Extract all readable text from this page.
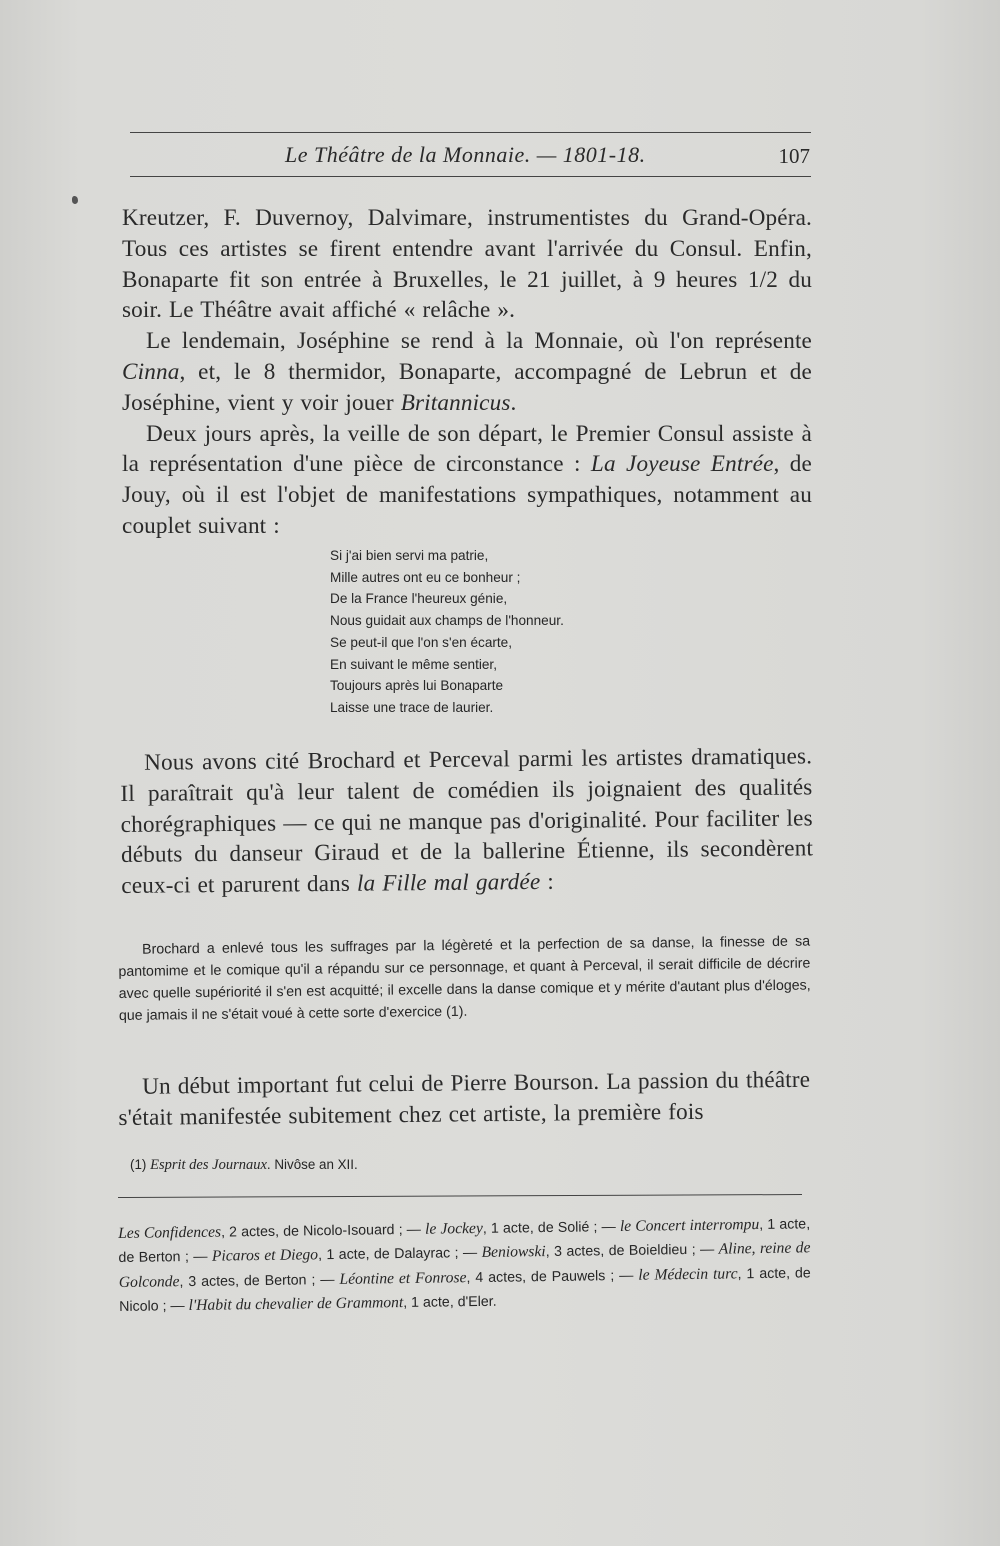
Le Théâtre de la Monnaie. — 1801-18.	107

Kreutzer, F. Duvernoy, Dalvimare, instrumentistes du Grand-Opéra. Tous ces artistes se firent entendre avant l'arrivée du Consul. Enfin, Bonaparte fit son entrée à Bruxelles, le 21 juillet, à 9 heures 1/2 du soir. Le Théâtre avait affiché « relâche ».

Le lendemain, Joséphine se rend à la Monnaie, où l'on représente Cinna, et, le 8 thermidor, Bonaparte, accompagné de Lebrun et de Joséphine, vient y voir jouer Britannicus.

Deux jours après, la veille de son départ, le Premier Consul assiste à la représentation d'une pièce de circonstance : La Joyeuse Entrée, de Jouy, où il est l'objet de manifestations sympathiques, notamment au couplet suivant :

Si j'ai bien servi ma patrie,
Mille autres ont eu ce bonheur ;
De la France l'heureux génie,
Nous guidait aux champs de l'honneur.
Se peut-il que l'on s'en écarte,
En suivant le même sentier,
Toujours après lui Bonaparte
Laisse une trace de laurier.

Nous avons cité Brochard et Perceval parmi les artistes dramatiques. Il paraîtrait qu'à leur talent de comédien ils joignaient des qualités chorégraphiques — ce qui ne manque pas d'originalité. Pour faciliter les débuts du danseur Giraud et de la ballerine Étienne, ils secondèrent ceux-ci et parurent dans la Fille mal gardée :

Brochard a enlevé tous les suffrages par la légèreté et la perfection de sa danse, la finesse de sa pantomime et le comique qu'il a répandu sur ce personnage, et quant à Perceval, il serait difficile de décrire avec quelle supériorité il s'en est acquitté; il excelle dans la danse comique et y mérite d'autant plus d'éloges, que jamais il ne s'était voué à cette sorte d'exercice (1).

Un début important fut celui de Pierre Bourson. La passion du théâtre s'était manifestée subitement chez cet artiste, la première fois

(1) Esprit des Journaux. Nivôse an XII.

Les Confidences, 2 actes, de Nicolo-Isouard ; — le Jockey, 1 acte, de Solié ; — le Concert interrompu, 1 acte, de Berton ; — Picaros et Diego, 1 acte, de Dalayrac ; — Beniowski, 3 actes, de Boieldieu ; — Aline, reine de Golconde, 3 actes, de Berton ; — Léontine et Fonrose, 4 actes, de Pauwels ; — le Médecin turc, 1 acte, de Nicolo ; — l'Habit du chevalier de Grammont, 1 acte, d'Eler.
